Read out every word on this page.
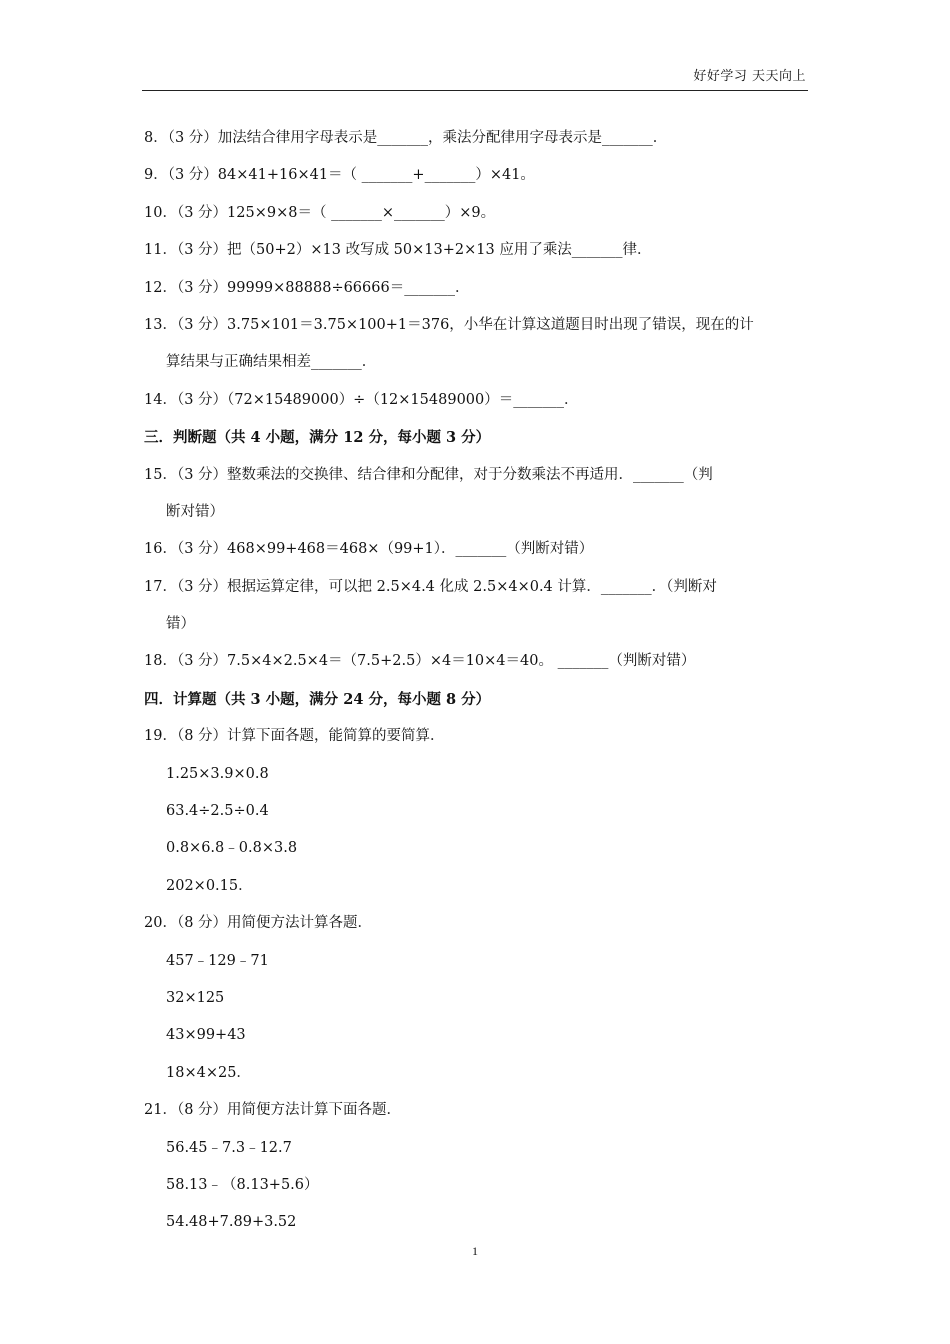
好好学习 天天向上
8．（3 分）加法结合律用字母表示是_______，乘法分配律用字母表示是_______．
9．（3 分）84×41+16×41＝（ _______+_______）×41。
10．（3 分）125×9×8＝（ _______×_______）×9。
11．（3 分）把（50+2）×13 改写成 50×13+2×13 应用了乘法_______律．
12．（3 分）99999×88888÷66666＝_______．
13．（3 分）3.75×101＝3.75×100+1＝376，小华在计算这道题目时出现了错误，现在的计
算结果与正确结果相差_______．
14．（3 分）（72×15489000）÷（12×15489000）＝_______．
三．判断题（共 4 小题，满分 12 分，每小题 3 分）
15．（3 分）整数乘法的交换律、结合律和分配律，对于分数乘法不再适用．_______（判
断对错）
16．（3 分）468×99+468＝468×（99+1）．_______（判断对错）
17．（3 分）根据运算定律，可以把 2.5×4.4 化成 2.5×4×0.4 计算．_______．（判断对
错）
18．（3 分）7.5×4×2.5×4＝（7.5+2.5）×4＝10×4＝40。 _______（判断对错）
四．计算题（共 3 小题，满分 24 分，每小题 8 分）
19．（8 分）计算下面各题，能简算的要简算．
1.25×3.9×0.8
63.4÷2.5÷0.4
0.8×6.8﹣0.8×3.8
202×0.15．
20．（8 分）用简便方法计算各题．
457﹣129﹣71
32×125
43×99+43
18×4×25．
21．（8 分）用简便方法计算下面各题．
56.45﹣7.3﹣12.7
58.13﹣（8.13+5.6）
54.48+7.89+3.52
1
